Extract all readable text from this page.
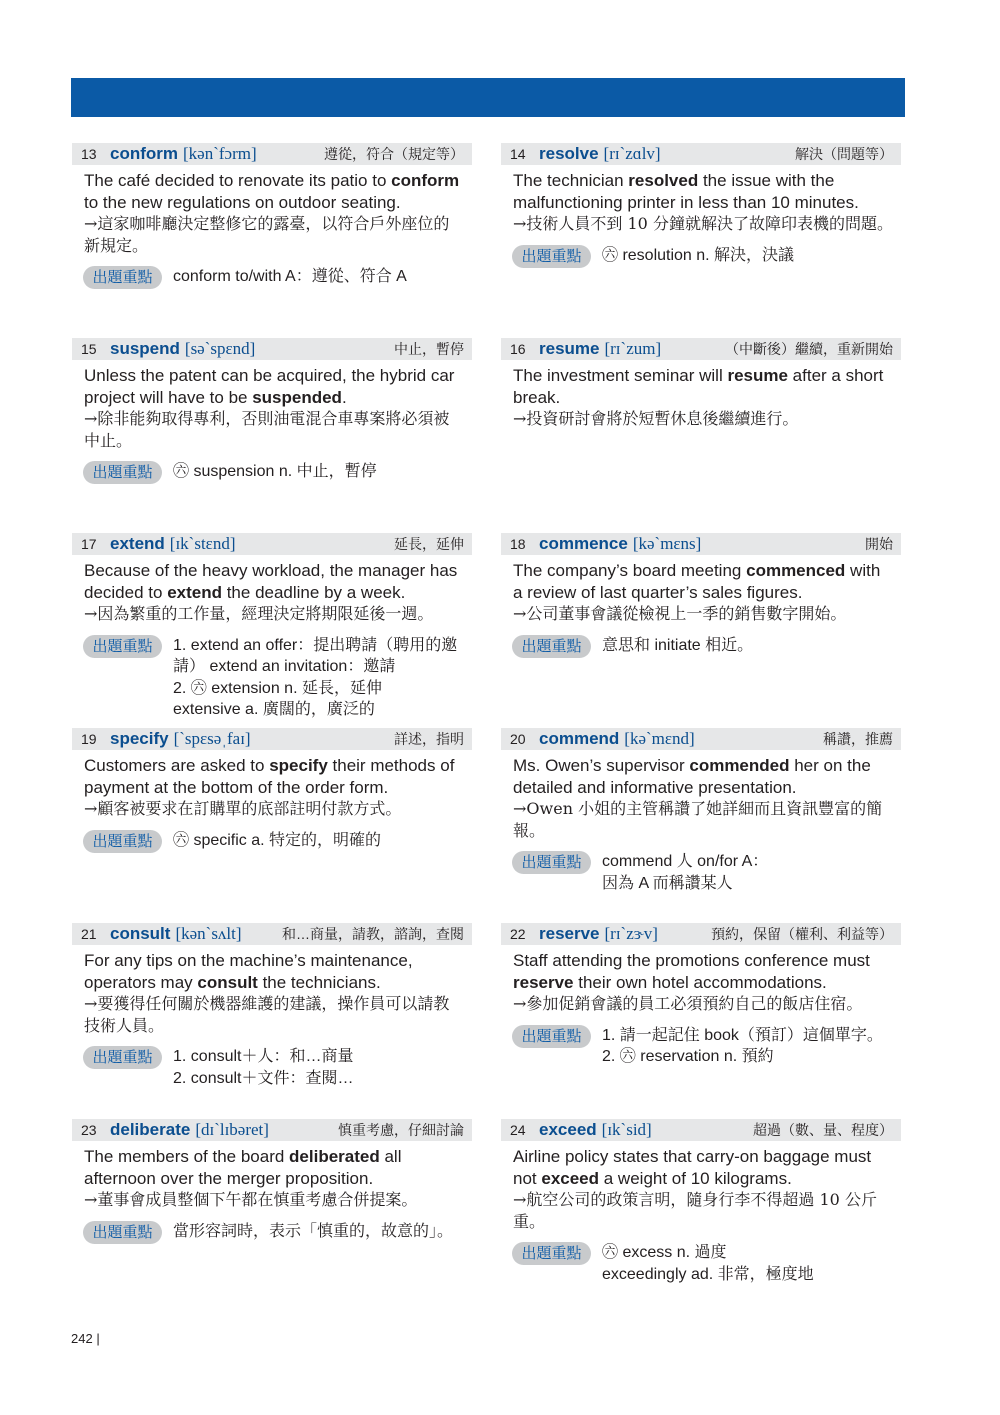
13 conform [kən`fɔrm]	遵從，符合（規定等）
The café decided to renovate its patio to conform
to the new regulations on outdoor seating.
→這家咖啡廳決定整修它的露臺，以符合戶外座位的
新規定。
出題重點	conform to/with A：遵從、符合 A
14 resolve [rɪ`zɑlv]	解決（問題等）
The technician resolved the issue with the
malfunctioning printer in less than 10 minutes.
→技術人員不到 10 分鐘就解決了故障印表機的問題。
出題重點	㊅ resolution n. 解決，決議
15 suspend [sə`spɛnd]	中止，暫停
Unless the patent can be acquired, the hybrid car
project will have to be suspended.
→除非能夠取得專利，否則油電混合車專案將必須被
中止。
出題重點	㊅ suspension n. 中止，暫停
16 resume [rɪ`zum]	（中斷後）繼續，重新開始
The investment seminar will resume after a short
break.
→投資研討會將於短暫休息後繼續進行。
17 extend [ɪk`stɛnd]	延長，延伸
Because of the heavy workload, the manager has
decided to extend the deadline by a week.
→因為繁重的工作量，經理決定將期限延後一週。
出題重點	1. extend an offer：提出聘請（聘用的邀
請） extend an invitation：邀請
2. ㊅ extension n. 延長，延伸
extensive a. 廣闊的，廣泛的
18 commence [kə`mɛns]	開始
The company’s board meeting commenced with
a review of last quarter’s sales figures.
→公司董事會議從檢視上一季的銷售數字開始。
出題重點	意思和 initiate 相近。
19 specify [`spɛsəˌfaɪ]	詳述，指明
Customers are asked to specify their methods of
payment at the bottom of the order form.
→顧客被要求在訂購單的底部註明付款方式。
出題重點	㊅ specific a. 特定的，明確的
20 commend [kə`mɛnd]	稱讚，推薦
Ms. Owen’s supervisor commended her on the
detailed and informative presentation.
→Owen 小姐的主管稱讚了她詳細而且資訊豐富的簡
報。
出題重點	commend 人 on/for A：
因為 A 而稱讚某人
21 consult [kən`sʌlt]	和…商量，請教，諮詢，查閱
For any tips on the machine’s maintenance,
operators may consult the technicians.
→要獲得任何關於機器維護的建議，操作員可以請教
技術人員。
出題重點	1. consult＋人：和…商量
2. consult＋文件：查閱…
22 reserve [rɪ`zɝv]	預約，保留（權利、利益等）
Staff attending the promotions conference must
reserve their own hotel accommodations.
→參加促銷會議的員工必須預約自己的飯店住宿。
出題重點	1. 請一起記住 book（預訂）這個單字。
2. ㊅ reservation n. 預約
23 deliberate [dɪ`lɪbəret]	慎重考慮，仔細討論
The members of the board deliberated all
afternoon over the merger proposition.
→董事會成員整個下午都在慎重考慮合併提案。
出題重點	當形容詞時，表示「慎重的，故意的」。
24 exceed [ɪk`sid]	超過（數、量、程度）
Airline policy states that carry-on baggage must
not exceed a weight of 10 kilograms.
→航空公司的政策言明，隨身行李不得超過 10 公斤
重。
出題重點	㊅ excess n. 過度
exceedingly ad. 非常，極度地
242 |
